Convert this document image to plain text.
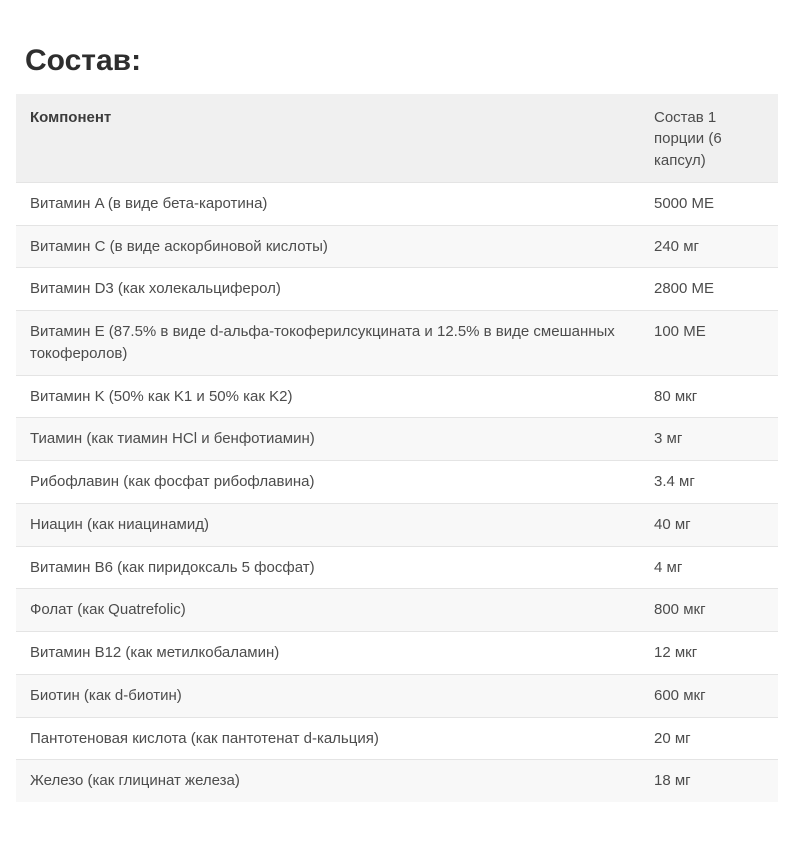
Состав:
Компонент	Состав 1 порции (6 капсул)
Витамин A (в виде бета-каротина)	5000 МЕ
Витамин C (в виде аскорбиновой кислоты)	240 мг
Витамин D3 (как холекальциферол)	2800 МЕ
Витамин E (87.5% в виде d-альфа-токоферилсукцината и 12.5% в виде смешанных токоферолов)	100 МЕ
Витамин K (50% как K1 и 50% как K2)	80 мкг
Тиамин (как тиамин HCl и бенфотиамин)	3 мг
Рибофлавин (как фосфат рибофлавина)	3.4 мг
Ниацин (как ниацинамид)	40 мг
Витамин B6 (как пиридоксаль 5 фосфат)	4 мг
Фолат (как Quatrefolic)	800 мкг
Витамин B12 (как метилкобаламин)	12 мкг
Биотин (как d-биотин)	600 мкг
Пантотеновая кислота (как пантотенат d-кальция)	20 мг
Железо (как глицинат железа)	18 мг
